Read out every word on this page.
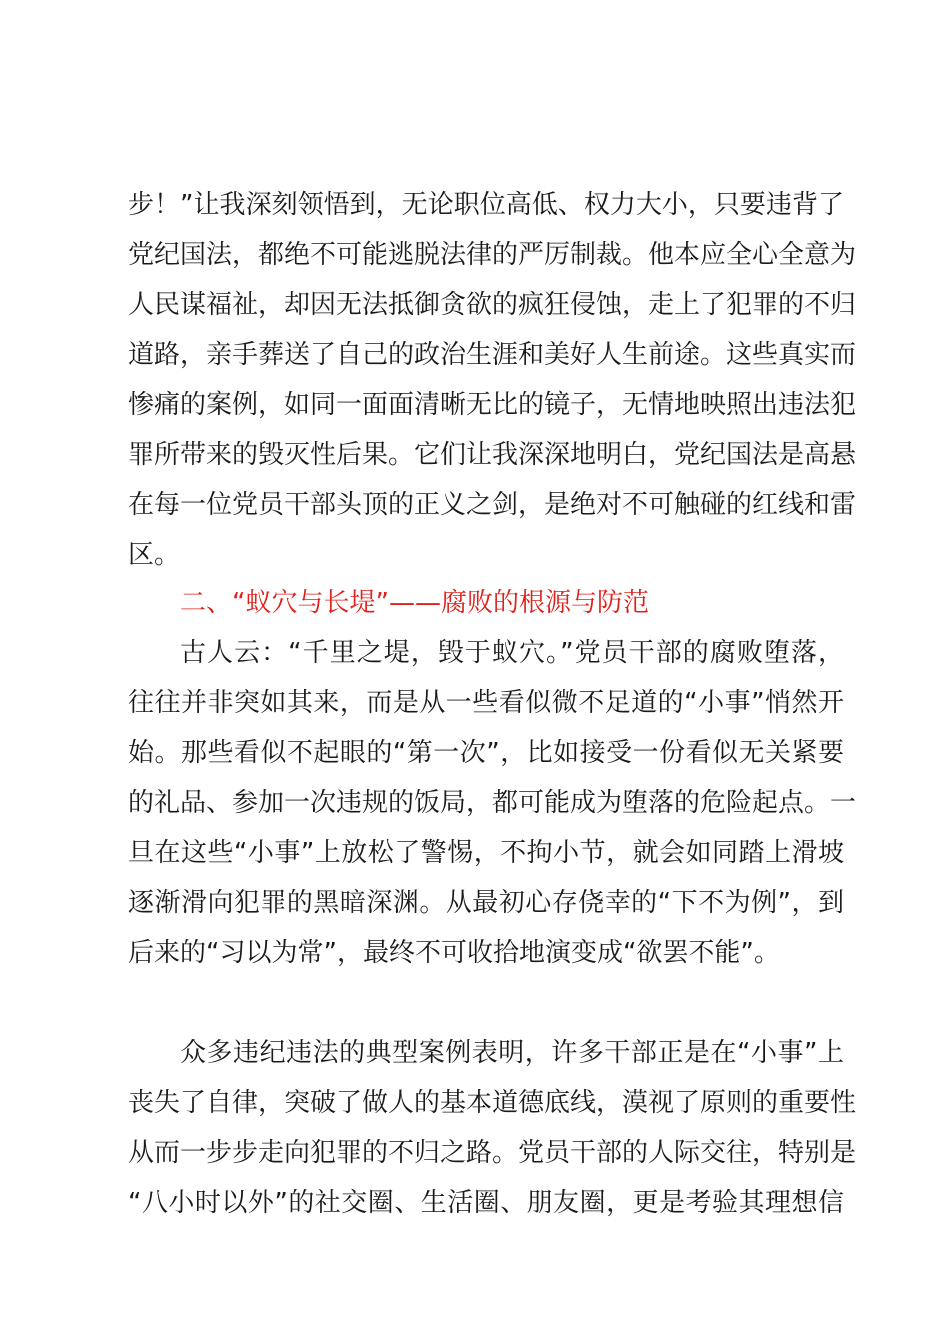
步！”让我深刻领悟到，无论职位高低、权力大小，只要违背了
党纪国法，都绝不可能逃脱法律的严厉制裁。他本应全心全意为
人民谋福祉，却因无法抵御贪欲的疯狂侵蚀，走上了犯罪的不归
道路，亲手葬送了自己的政治生涯和美好人生前途。这些真实而
惨痛的案例，如同一面面清晰无比的镜子，无情地映照出违法犯
罪所带来的毁灭性后果。它们让我深深地明白，党纪国法是高悬
在每一位党员干部头顶的正义之剑，是绝对不可触碰的红线和雷
区。
二、“蚁穴与长堤”——腐败的根源与防范
古人云：“千里之堤，毁于蚁穴。”党员干部的腐败堕落，
往往并非突如其来，而是从一些看似微不足道的“小事”悄然开
始。那些看似不起眼的“第一次”，比如接受一份看似无关紧要
的礼品、参加一次违规的饭局，都可能成为堕落的危险起点。一
旦在这些“小事”上放松了警惕，不拘小节，就会如同踏上滑坡
逐渐滑向犯罪的黑暗深渊。从最初心存侥幸的“下不为例”，到
后来的“习以为常”，最终不可收拾地演变成“欲罢不能”。
众多违纪违法的典型案例表明，许多干部正是在“小事”上
丧失了自律，突破了做人的基本道德底线，漠视了原则的重要性
从而一步步走向犯罪的不归之路。党员干部的人际交往，特别是
“八小时以外”的社交圈、生活圈、朋友圈，更是考验其理想信
